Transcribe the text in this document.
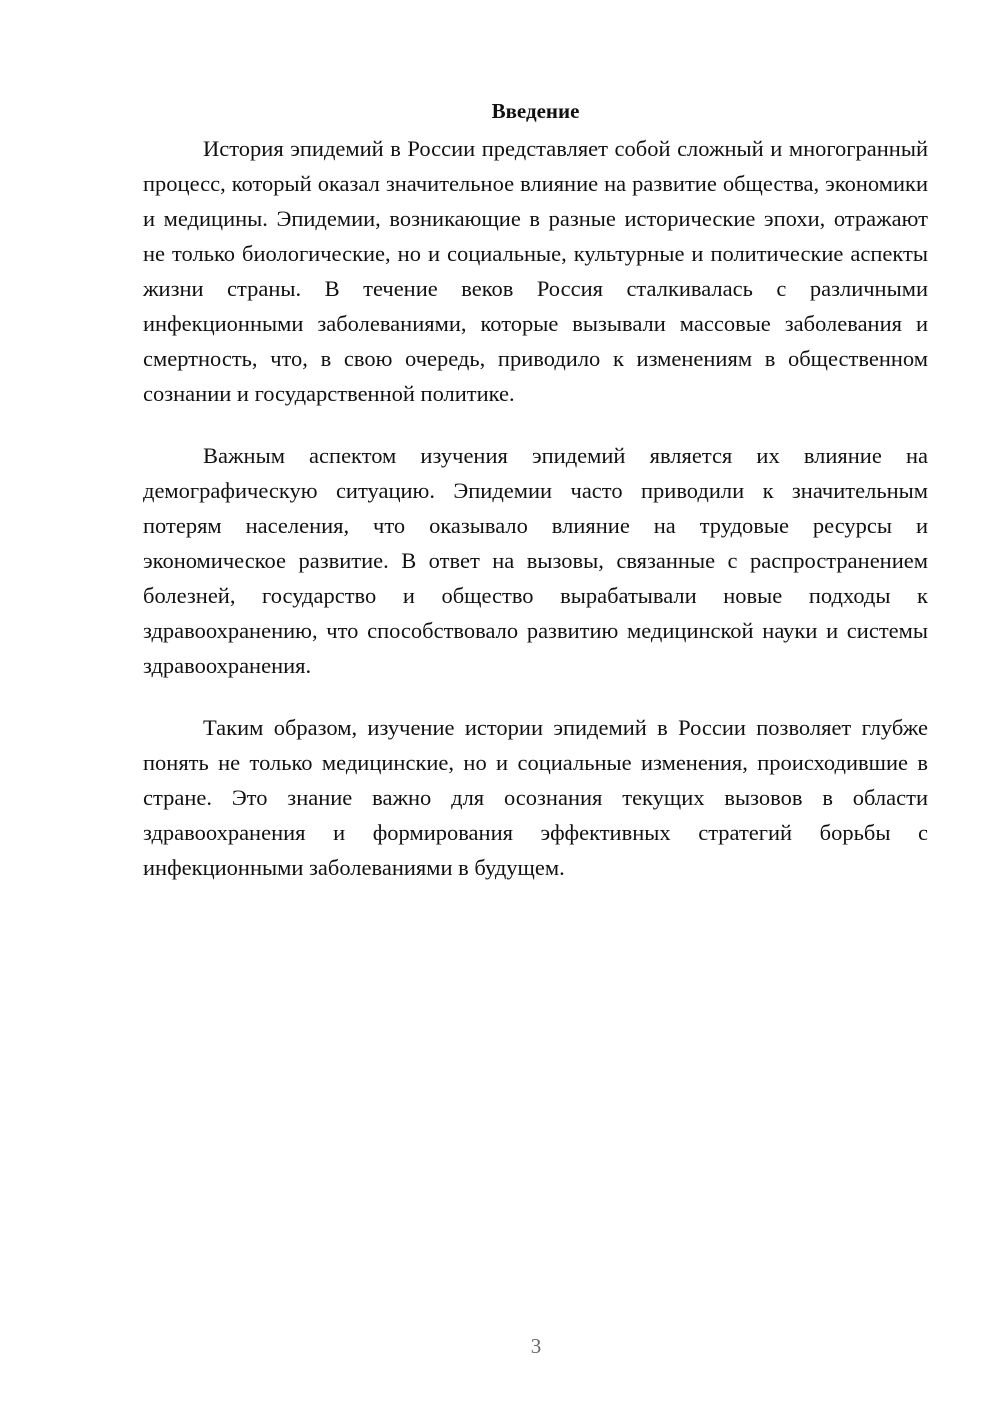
Введение

История эпидемий в России представляет собой сложный и многогранный процесс, который оказал значительное влияние на развитие общества, экономики и медицины. Эпидемии, возникающие в разные исторические эпохи, отражают не только биологические, но и социальные, культурные и политические аспекты жизни страны. В течение веков Россия сталкивалась с различными инфекционными заболеваниями, которые вызывали массовые заболевания и смертность, что, в свою очередь, приводило к изменениям в общественном сознании и государственной политике.

Важным аспектом изучения эпидемий является их влияние на демографическую ситуацию. Эпидемии часто приводили к значительным потерям населения, что оказывало влияние на трудовые ресурсы и экономическое развитие. В ответ на вызовы, связанные с распространением болезней, государство и общество вырабатывали новые подходы к здравоохранению, что способствовало развитию медицинской науки и системы здравоохранения.

Таким образом, изучение истории эпидемий в России позволяет глубже понять не только медицинские, но и социальные изменения, происходившие в стране. Это знание важно для осознания текущих вызовов в области здравоохранения и формирования эффективных стратегий борьбы с инфекционными заболеваниями в будущем.

3
